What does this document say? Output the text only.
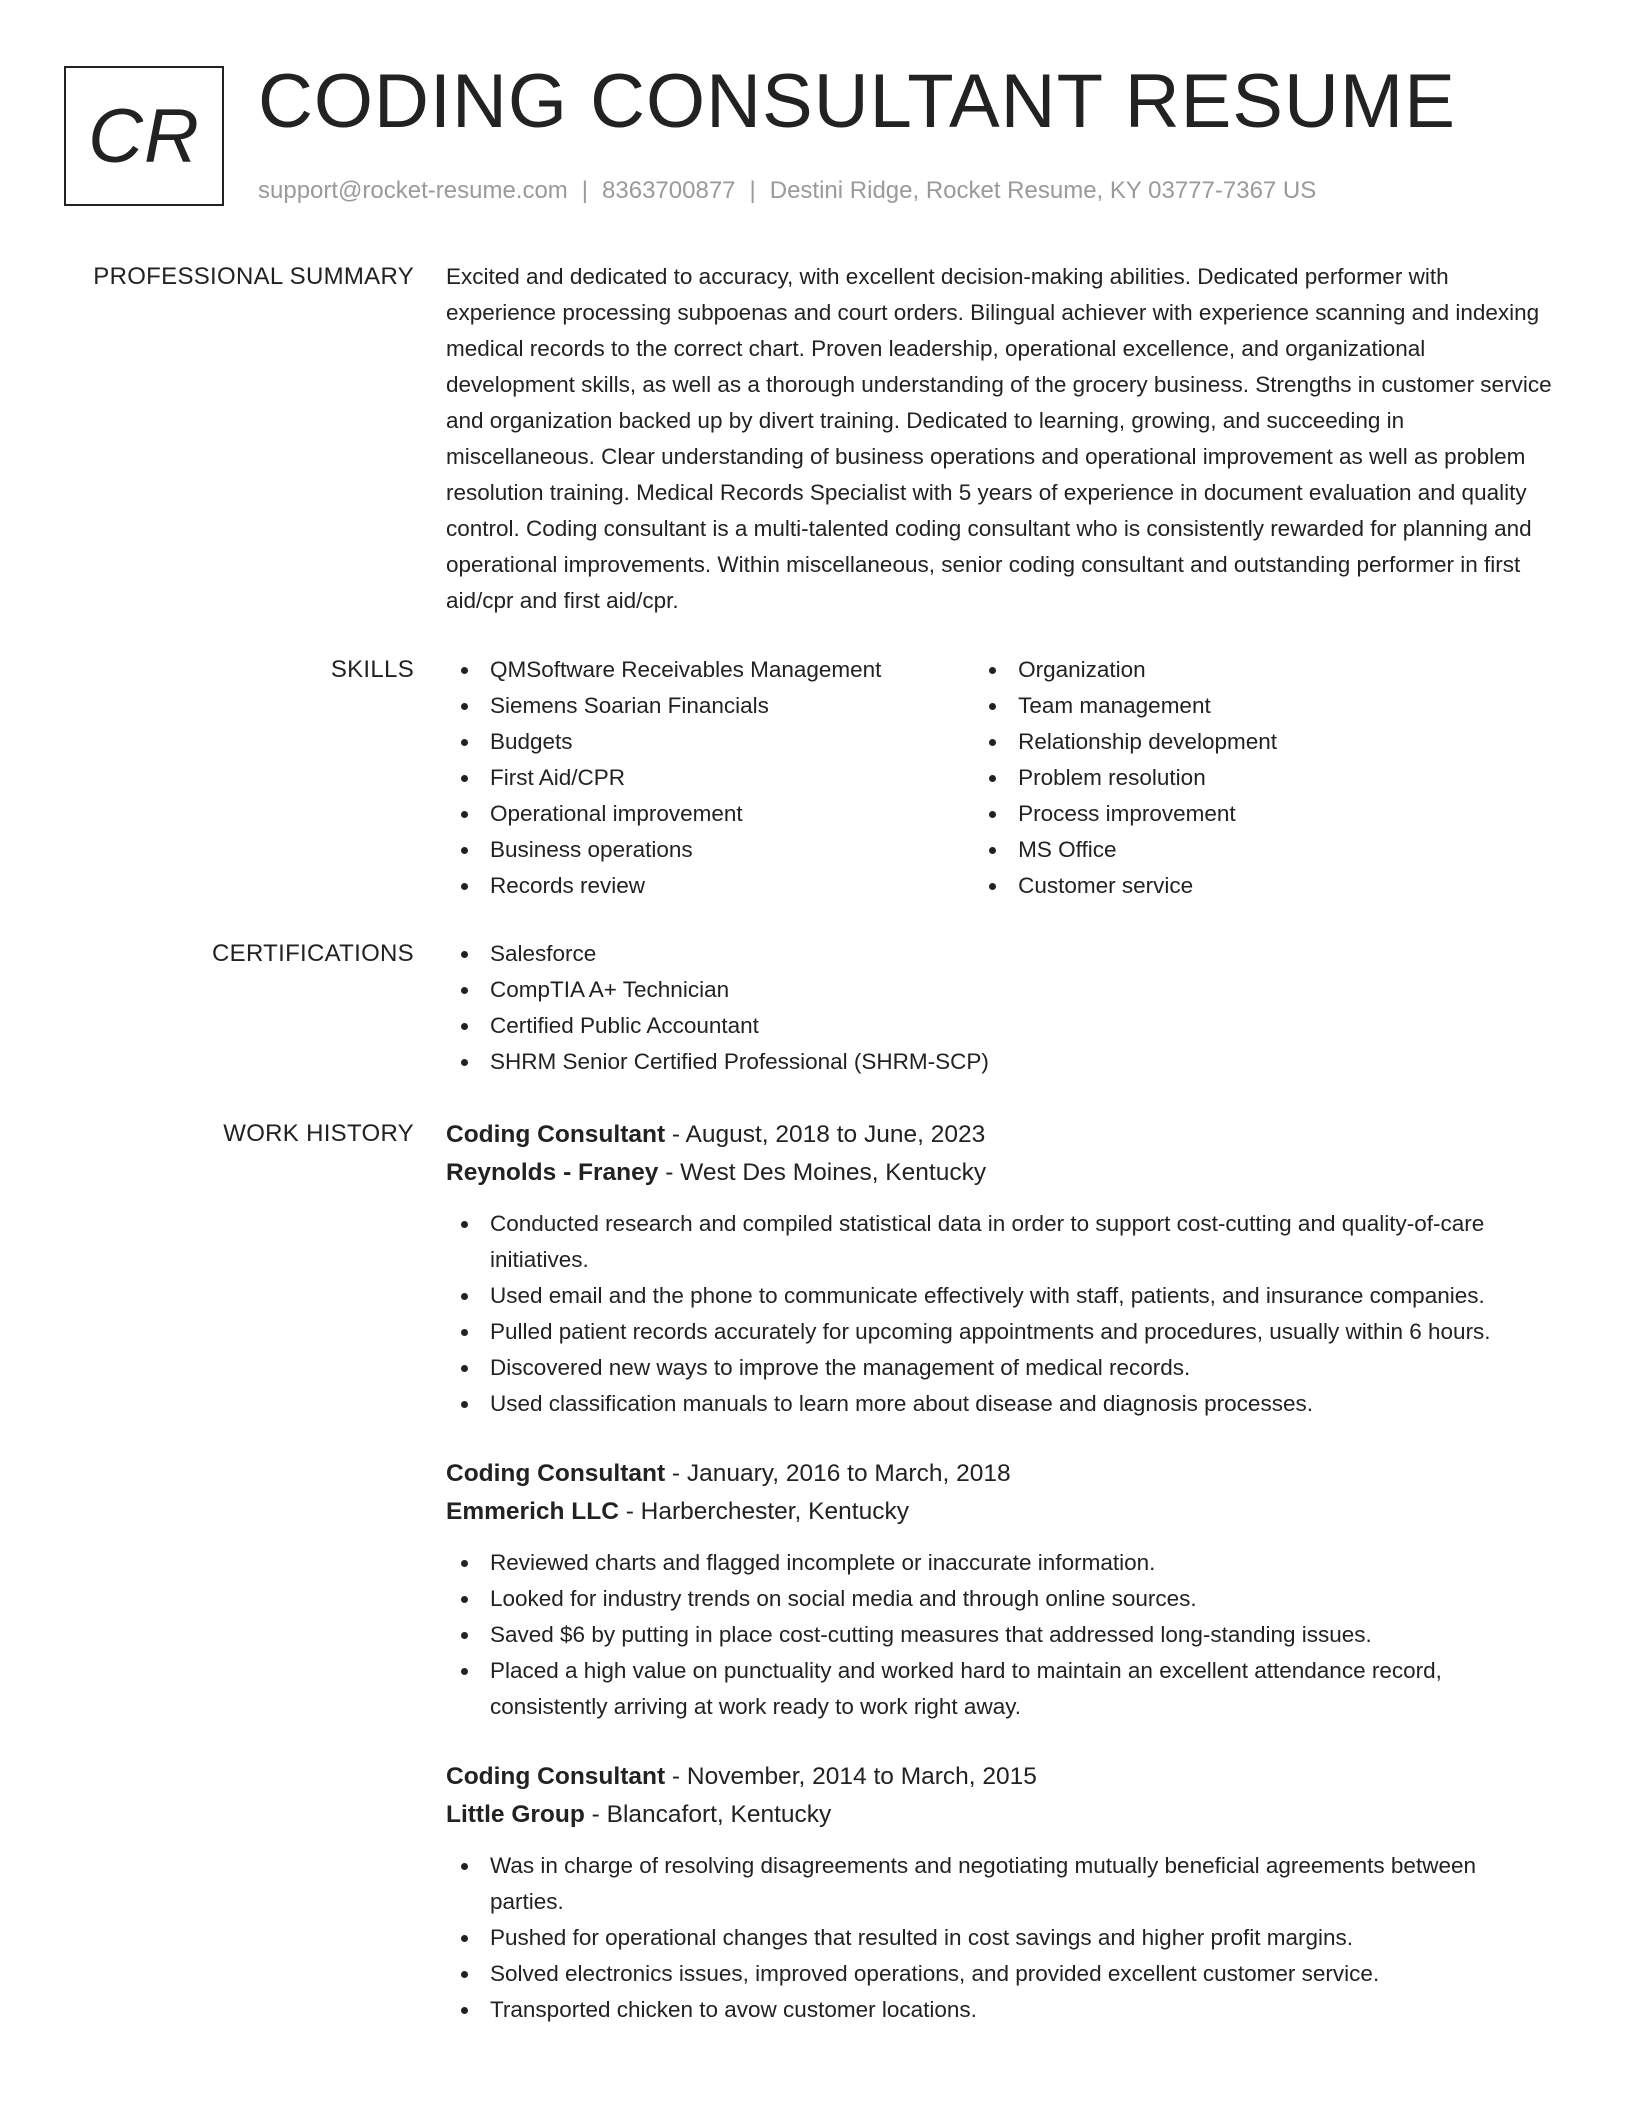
CR CODING CONSULTANT RESUME
support@rocket-resume.com | 8363700877 | Destini Ridge, Rocket Resume, KY 03777-7367 US
PROFESSIONAL SUMMARY Excited and dedicated to accuracy, with excellent decision-making abilities. Dedicated performer with experience processing subpoenas and court orders. Bilingual achiever with experience scanning and indexing medical records to the correct chart. Proven leadership, operational excellence, and organizational development skills, as well as a thorough understanding of the grocery business. Strengths in customer service and organization backed up by divert training. Dedicated to learning, growing, and succeeding in miscellaneous. Clear understanding of business operations and operational improvement as well as problem resolution training. Medical Records Specialist with 5 years of experience in document evaluation and quality control. Coding consultant is a multi-talented coding consultant who is consistently rewarded for planning and operational improvements. Within miscellaneous, senior coding consultant and outstanding performer in first aid/cpr and first aid/cpr.
SKILLS	QMSoftware Receivables Management
Siemens Soarian Financials
Budgets
First Aid/CPR
Operational improvement
Business operations
Records review
Organization
Team management
Relationship development
Problem resolution
Process improvement
MS Office
Customer service
CERTIFICATIONS	Salesforce
CompTIA A+ Technician
Certified Public Accountant
SHRM Senior Certified Professional (SHRM-SCP)
WORK HISTORY Coding Consultant - August, 2018 to June, 2023
Reynolds - Franey - West Des Moines, Kentucky
Conducted research and compiled statistical data in order to support cost-cutting and quality-of-care initiatives.
Used email and the phone to communicate effectively with staff, patients, and insurance companies.
Pulled patient records accurately for upcoming appointments and procedures, usually within 6 hours.
Discovered new ways to improve the management of medical records.
Used classification manuals to learn more about disease and diagnosis processes.
Coding Consultant - January, 2016 to March, 2018
Emmerich LLC - Harberchester, Kentucky
Reviewed charts and flagged incomplete or inaccurate information.
Looked for industry trends on social media and through online sources.
Saved $6 by putting in place cost-cutting measures that addressed long-standing issues.
Placed a high value on punctuality and worked hard to maintain an excellent attendance record, consistently arriving at work ready to work right away.
Coding Consultant - November, 2014 to March, 2015
Little Group - Blancafort, Kentucky
Was in charge of resolving disagreements and negotiating mutually beneficial agreements between parties.
Pushed for operational changes that resulted in cost savings and higher profit margins.
Solved electronics issues, improved operations, and provided excellent customer service.
Transported chicken to avow customer locations.
